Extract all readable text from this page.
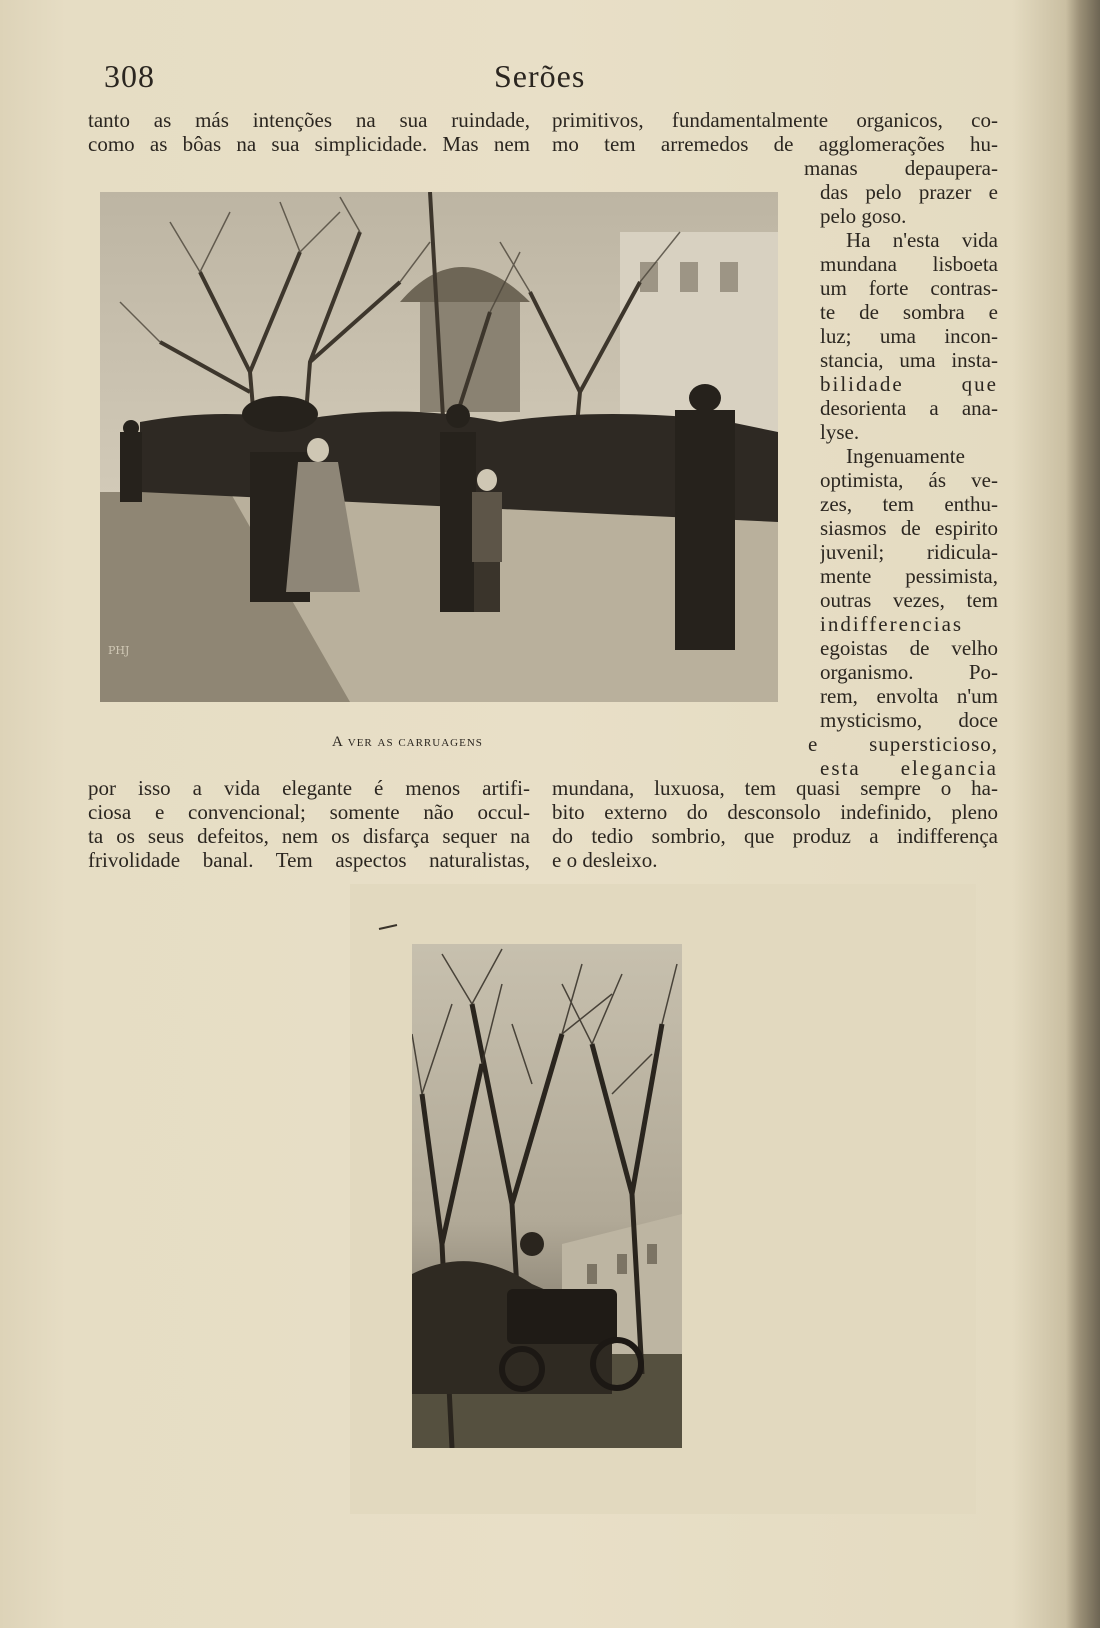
308	Serões
tanto as más intenções na sua ruindade,
como as bôas na sua simplicidade. Mas nem
primitivos, fundamentalmente organicos, co-
mo tem arremedos de agglomerações hu-
manas depaupera-
das pelo prazer e
pelo goso.
Ha n'esta vida
mundana lisboeta
um forte contras-
te de sombra e
luz; uma incon-
stancia, uma insta-
bilidade que
desorienta a ana-
lyse.
Ingenuamente
optimista, ás ve-
zes, tem enthu-
siasmos de espirito
juvenil; ridicula-
mente pessimista,
outras vezes, tem
indifferencias
egoistas de velho
organismo. Po-
rem, envolta n'um
mysticismo, doce
e supersticioso,
esta elegancia
PHJ
A ver as carruagens
por isso a vida elegante é menos artifi-
ciosa e convencional; somente não occul-
ta os seus defeitos, nem os disfarça sequer na
frivolidade banal. Tem aspectos naturalistas,
mundana, luxuosa, tem quasi sempre o ha-
bito externo do desconsolo indefinido, pleno
do tedio sombrio, que produz a indifferença
e o desleixo.
